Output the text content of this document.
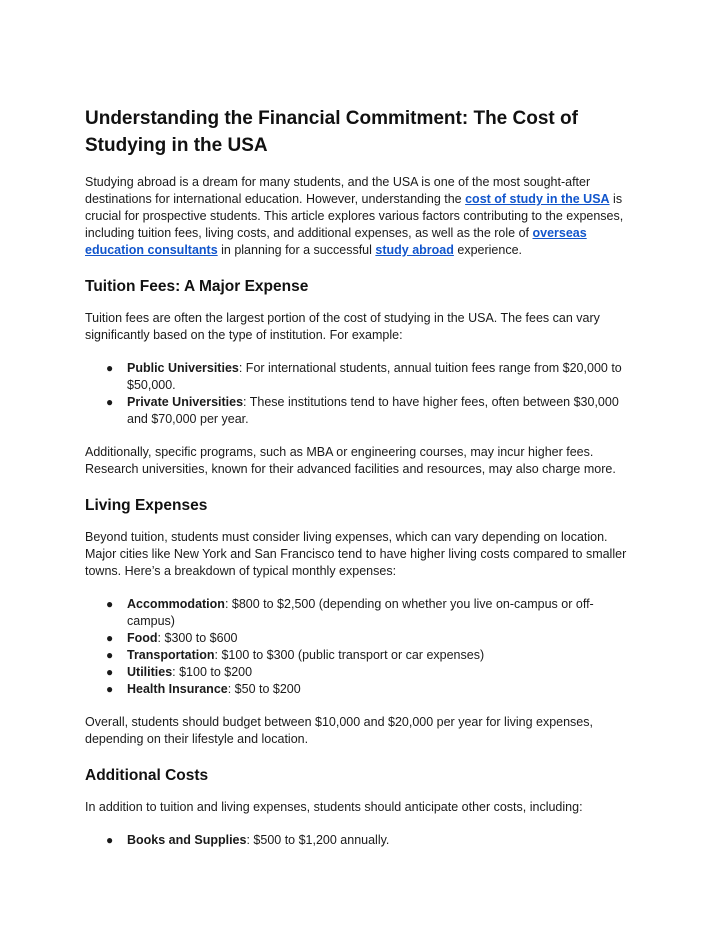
Understanding the Financial Commitment: The Cost of Studying in the USA

Studying abroad is a dream for many students, and the USA is one of the most sought-after destinations for international education. However, understanding the cost of study in the USA is crucial for prospective students. This article explores various factors contributing to the expenses, including tuition fees, living costs, and additional expenses, as well as the role of overseas education consultants in planning for a successful study abroad experience.

Tuition Fees: A Major Expense

Tuition fees are often the largest portion of the cost of studying in the USA. The fees can vary significantly based on the type of institution. For example:

● Public Universities: For international students, annual tuition fees range from $20,000 to $50,000.
● Private Universities: These institutions tend to have higher fees, often between $30,000 and $70,000 per year.

Additionally, specific programs, such as MBA or engineering courses, may incur higher fees. Research universities, known for their advanced facilities and resources, may also charge more.

Living Expenses

Beyond tuition, students must consider living expenses, which can vary depending on location. Major cities like New York and San Francisco tend to have higher living costs compared to smaller towns. Here’s a breakdown of typical monthly expenses:

● Accommodation: $800 to $2,500 (depending on whether you live on-campus or off-campus)
● Food: $300 to $600
● Transportation: $100 to $300 (public transport or car expenses)
● Utilities: $100 to $200
● Health Insurance: $50 to $200

Overall, students should budget between $10,000 and $20,000 per year for living expenses, depending on their lifestyle and location.

Additional Costs

In addition to tuition and living expenses, students should anticipate other costs, including:

● Books and Supplies: $500 to $1,200 annually.
